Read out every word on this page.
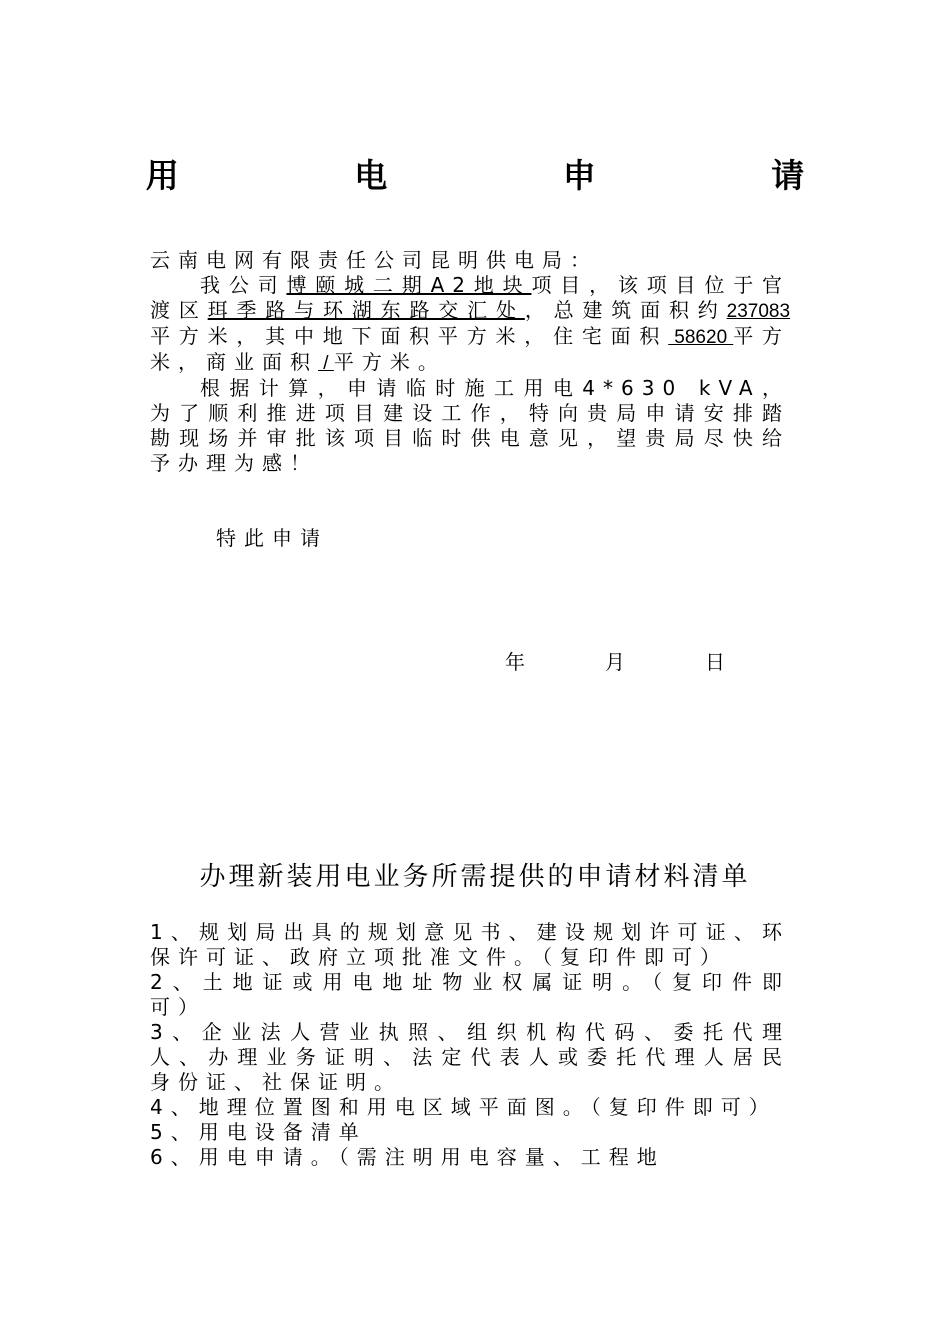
用 电 申 请

云南电网有限责任公司昆明供电局：

我公司博颐城二期A2地块项目，该项目位于官渡区珥季路与环湖东路交汇处，总建筑面积约237083 平方米，其中地下面积平方米，住宅面积 58620 平方米，商业面积 / 平方米。

根据计算，申请临时施工用电4*630 kVA，为了顺利推进项目建设工作，特向贵局申请安排踏勘现场并审批该项目临时供电意见，望贵局尽快给予办理为感！

特此申请
年	月	日
办理新装用电业务所需提供的申请材料清单

1、规划局出具的规划意见书、建设规划许可证、环保许可证、政府立项批准文件。（复印件即可）

2、土地证或用电地址物业权属证明。（复印件即可）

3、企业法人营业执照、组织机构代码、委托代理人、办理业务证明、法定代表人或委托代理人居民身份证、社保证明。

4、地理位置图和用电区域平面图。（复印件即可）

5、用电设备清单

6、用电申请。（需注明用电容量、工程地
